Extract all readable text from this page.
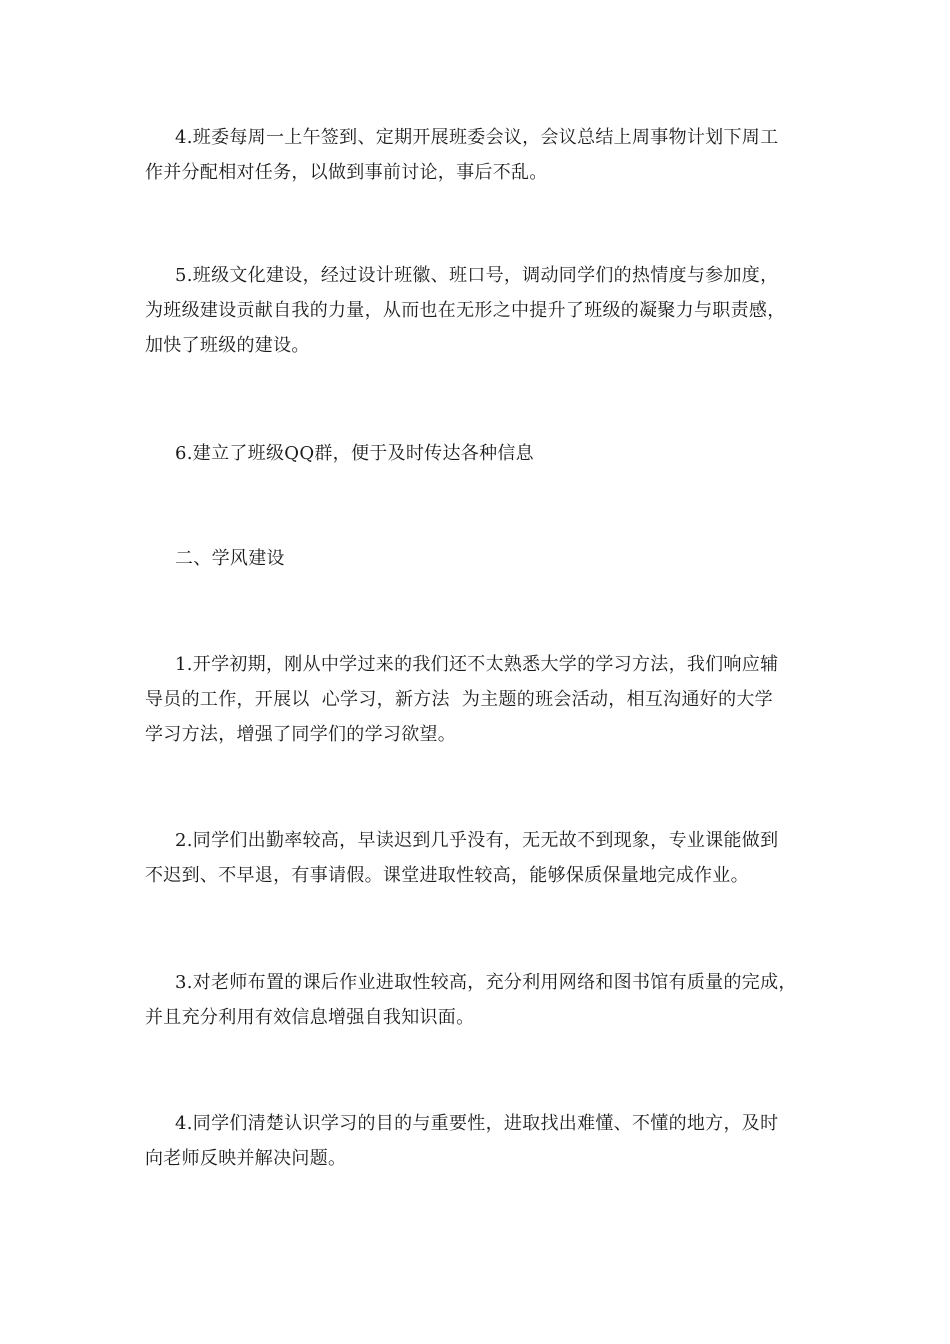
4.班委每周一上午签到、定期开展班委会议，会议总结上周事物计划下周工
作并分配相对任务，以做到事前讨论，事后不乱。

5.班级文化建设，经过设计班徽、班口号，调动同学们的热情度与参加度，
为班级建设贡献自我的力量，从而也在无形之中提升了班级的凝聚力与职责感，
加快了班级的建设。

6.建立了班级QQ群，便于及时传达各种信息

二、学风建设

1.开学初期，刚从中学过来的我们还不太熟悉大学的学习方法，我们响应辅
导员的工作，开展以  心学习，新方法  为主题的班会活动，相互沟通好的大学
学习方法，增强了同学们的学习欲望。

2.同学们出勤率较高，早读迟到几乎没有，无无故不到现象，专业课能做到
不迟到、不早退，有事请假。课堂进取性较高，能够保质保量地完成作业。

3.对老师布置的课后作业进取性较高，充分利用网络和图书馆有质量的完成，
并且充分利用有效信息增强自我知识面。

4.同学们清楚认识学习的目的与重要性，进取找出难懂、不懂的地方，及时
向老师反映并解决问题。
